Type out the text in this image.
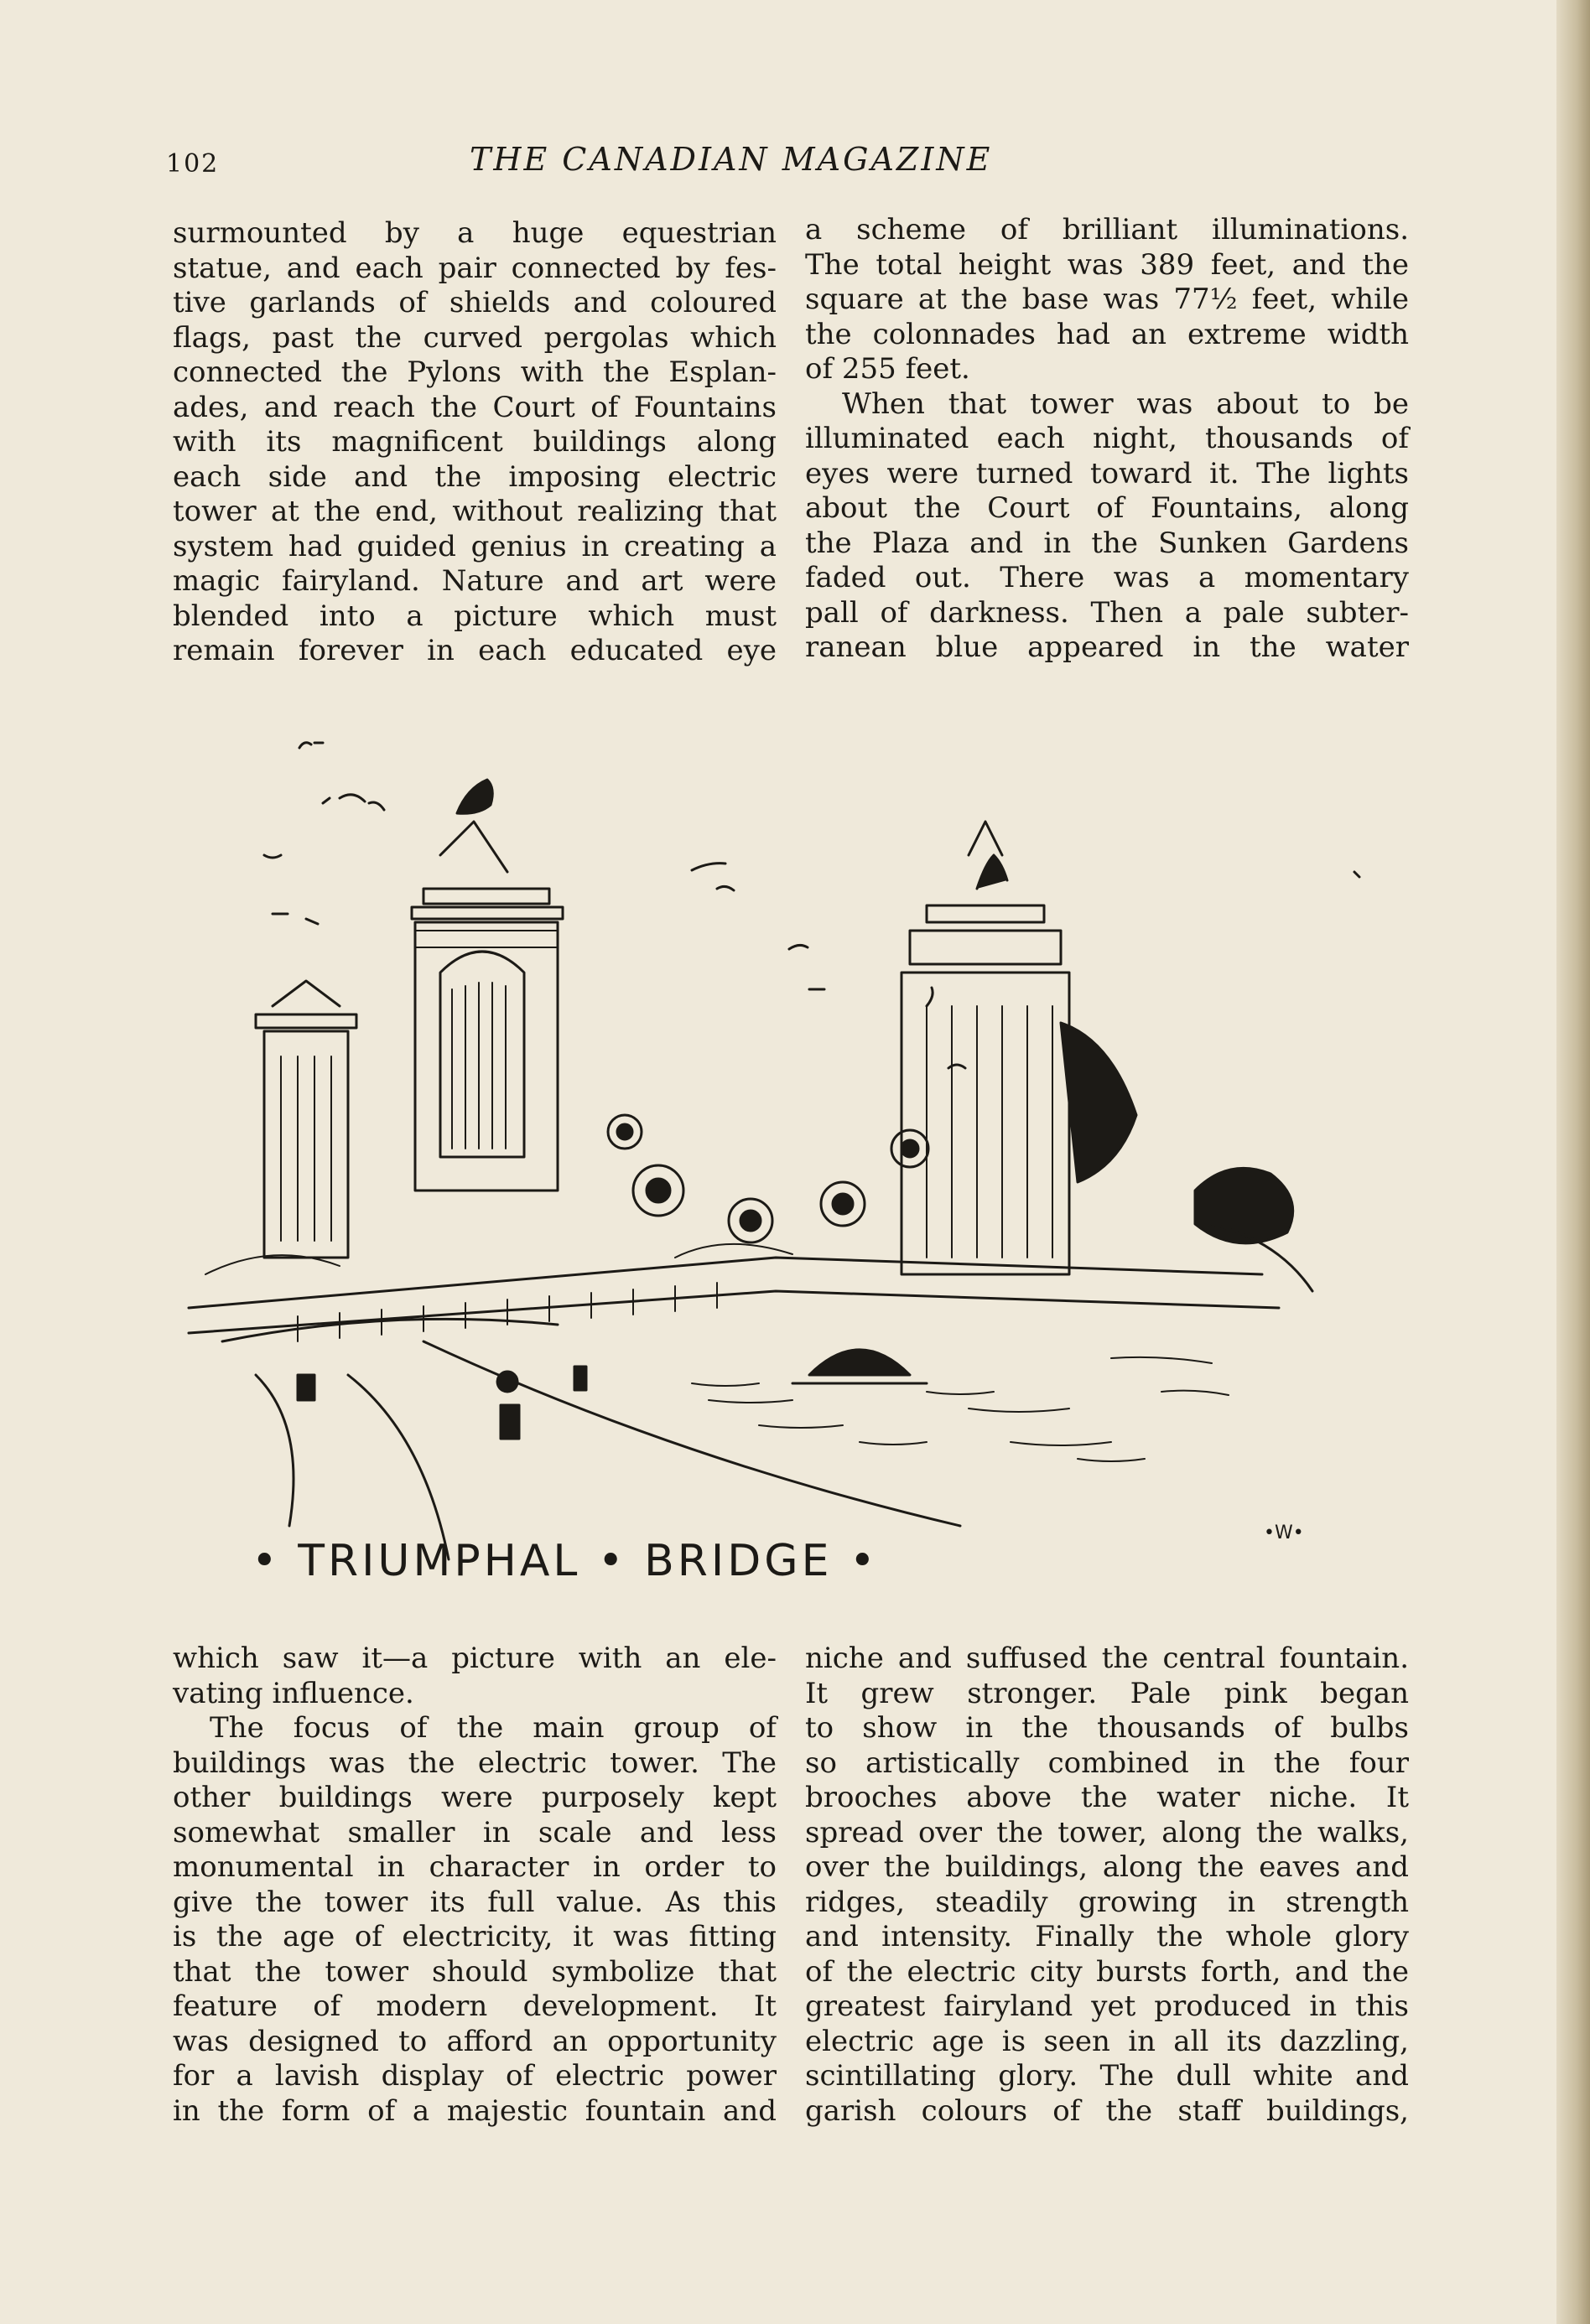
102	THE CANADIAN MAGAZINE

surmounted by a huge equestrian
statue, and each pair connected by fes-
tive garlands of shields and coloured
flags, past the curved pergolas which
connected the Pylons with the Esplan-
ades, and reach the Court of Fountains
with its magnificent buildings along
each side and the imposing electric
tower at the end, without realizing that
system had guided genius in creating a
magic fairyland. Nature and art were
blended into a picture which must
remain forever in each educated eye

a scheme of brilliant illuminations.
The total height was 389 feet, and the
square at the base was 77½ feet, while
the colonnades had an extreme width
of 255 feet.

When that tower was about to be
illuminated each night, thousands of
eyes were turned toward it. The lights
about the Court of Fountains, along
the Plaza and in the Sunken Gardens
faded out. There was a momentary
pall of darkness. Then a pale subter-
ranean blue appeared in the water

• TRIUMPHAL • BRIDGE •
•W•

which saw it—a picture with an ele-
vating influence.

The focus of the main group of
buildings was the electric tower. The
other buildings were purposely kept
somewhat smaller in scale and less
monumental in character in order to
give the tower its full value. As this
is the age of electricity, it was fitting
that the tower should symbolize that
feature of modern development. It
was designed to afford an opportunity
for a lavish display of electric power
in the form of a majestic fountain and

niche and suffused the central fountain.
It grew stronger. Pale pink began
to show in the thousands of bulbs
so artistically combined in the four
brooches above the water niche. It
spread over the tower, along the walks,
over the buildings, along the eaves and
ridges, steadily growing in strength
and intensity. Finally the whole glory
of the electric city bursts forth, and the
greatest fairyland yet produced in this
electric age is seen in all its dazzling,
scintillating glory. The dull white and
garish colours of the staff buildings,
